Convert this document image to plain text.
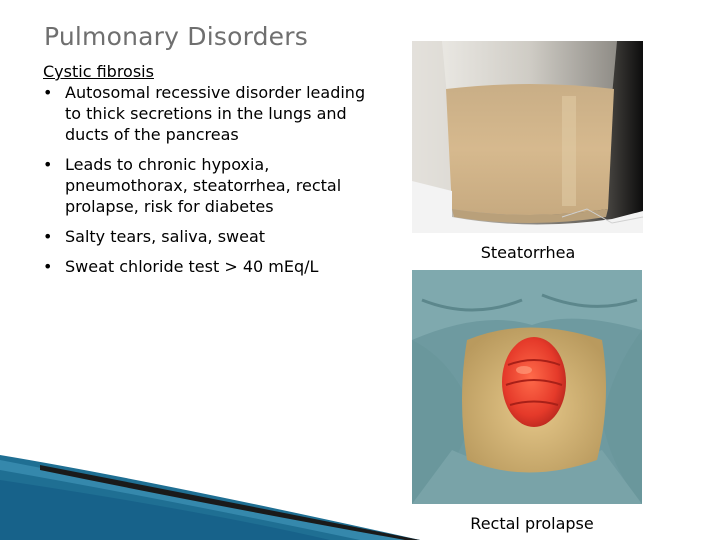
Pulmonary Disorders
Cystic fibrosis
• Autosomal recessive disorder leading to thick secretions in the lungs and ducts of the pancreas
• Leads to chronic hypoxia, pneumothorax, steatorrhea, rectal prolapse, risk for diabetes
• Salty tears, saliva, sweat
• Sweat chloride test > 40 mEq/L
Steatorrhea
Rectal prolapse
